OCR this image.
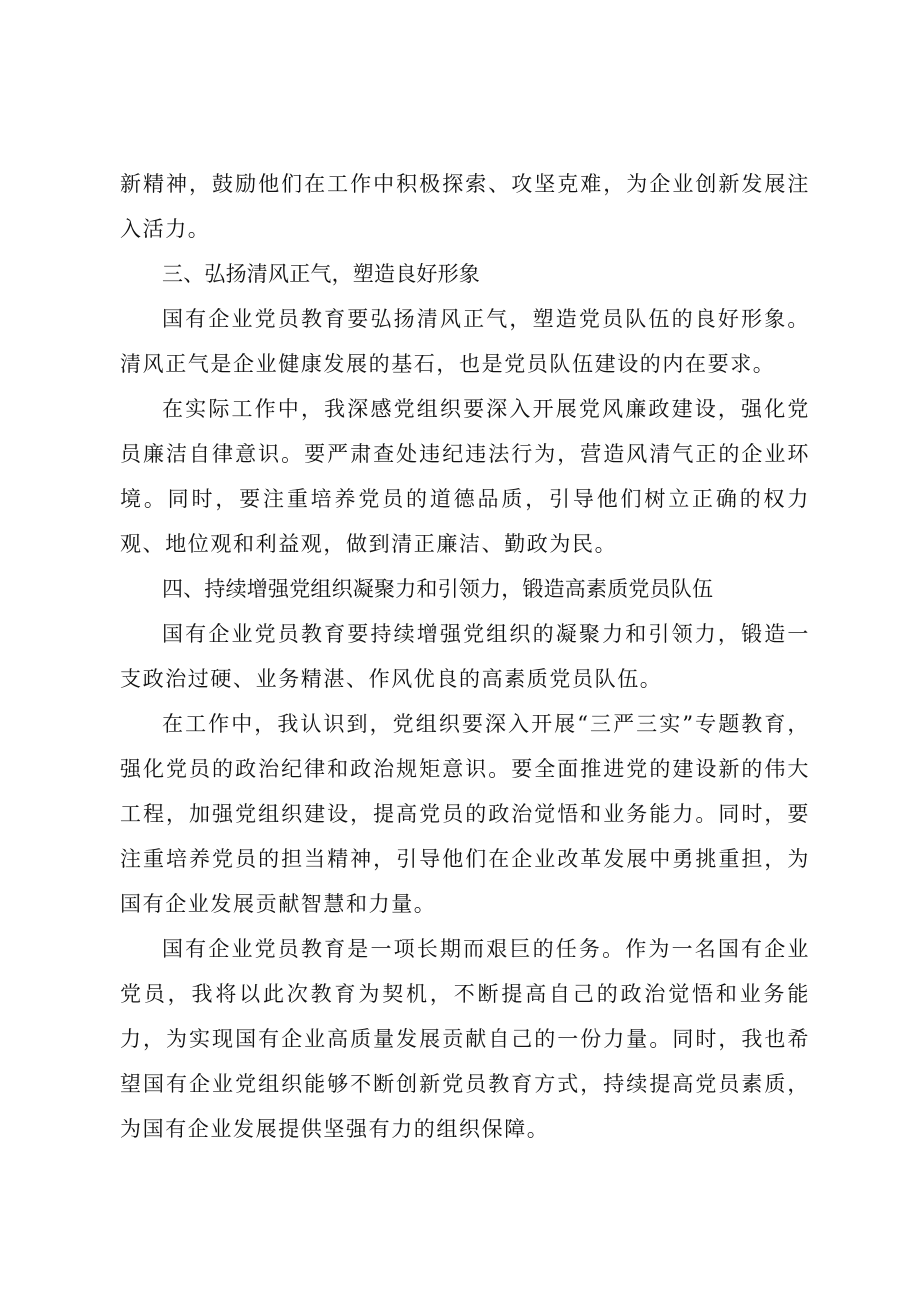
新精神，鼓励他们在工作中积极探索、攻坚克难，为企业创新发展注入活力。

三、弘扬清风正气，塑造良好形象

国有企业党员教育要弘扬清风正气，塑造党员队伍的良好形象。清风正气是企业健康发展的基石，也是党员队伍建设的内在要求。

在实际工作中，我深感党组织要深入开展党风廉政建设，强化党员廉洁自律意识。要严肃查处违纪违法行为，营造风清气正的企业环境。同时，要注重培养党员的道德品质，引导他们树立正确的权力观、地位观和利益观，做到清正廉洁、勤政为民。

四、持续增强党组织凝聚力和引领力，锻造高素质党员队伍

国有企业党员教育要持续增强党组织的凝聚力和引领力，锻造一支政治过硬、业务精湛、作风优良的高素质党员队伍。

在工作中，我认识到，党组织要深入开展“三严三实”专题教育，强化党员的政治纪律和政治规矩意识。要全面推进党的建设新的伟大工程，加强党组织建设，提高党员的政治觉悟和业务能力。同时，要注重培养党员的担当精神，引导他们在企业改革发展中勇挑重担，为国有企业发展贡献智慧和力量。

国有企业党员教育是一项长期而艰巨的任务。作为一名国有企业党员，我将以此次教育为契机，不断提高自己的政治觉悟和业务能力，为实现国有企业高质量发展贡献自己的一份力量。同时，我也希望国有企业党组织能够不断创新党员教育方式，持续提高党员素质，为国有企业发展提供坚强有力的组织保障。
